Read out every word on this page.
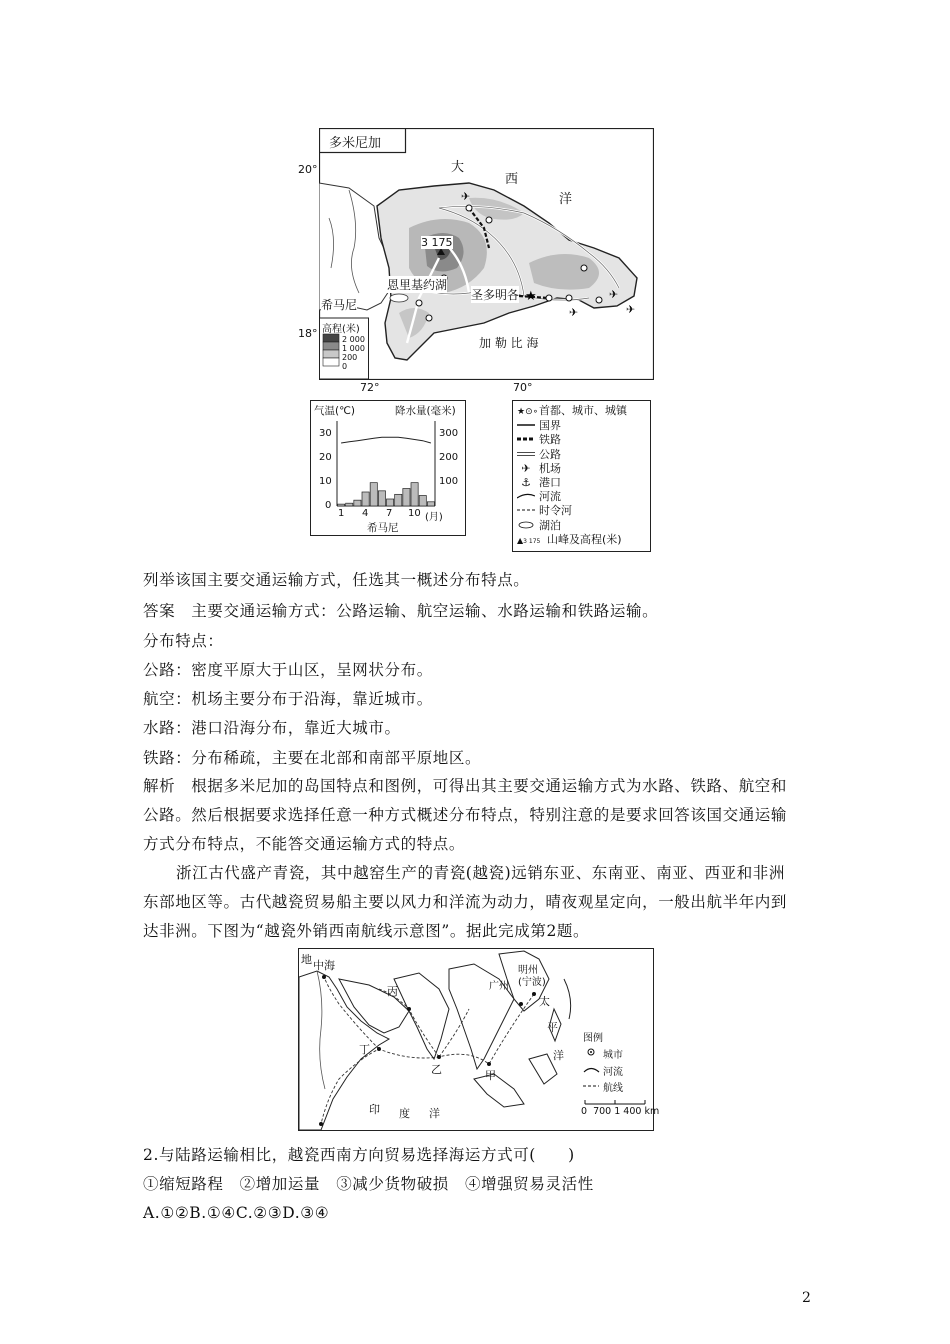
★
✈
✈
✈
✈
多米尼加
大
西
洋
3 175
恩里基约湖
圣多明各
希马尼
加 勒 比 海
高程(米)
2 000
1 000
200
0
20°
18°
72°	70°
气温(℃)	降水量(毫米)
30
20
10
0
300
200
100
1 4 7 10 (月)
希马尼
★⊙∘首都、城市、城镇
国界
铁路
公路
✈ 机场
⚓ 港口
河流
时令河
湖泊
▲3 175 山峰及高程(米)
列举该国主要交通运输方式，任选其一概述分布特点。
答案　主要交通运输方式：公路运输、航空运输、水路运输和铁路运输。
分布特点：
公路：密度平原大于山区，呈网状分布。
航空：机场主要分布于沿海，靠近城市。
水路：港口沿海分布，靠近大城市。
铁路：分布稀疏，主要在北部和南部平原地区。
解析　根据多米尼加的岛国特点和图例，可得出其主要交通运输方式为水路、铁路、航空和
公路。然后根据要求选择任意一种方式概述分布特点，特别注意的是要求回答该国交通运输
方式分布特点，不能答交通运输方式的特点。
浙江古代盛产青瓷，其中越窑生产的青瓷(越瓷)远销东亚、东南亚、南亚、西亚和非洲
东部地区等。古代越瓷贸易船主要以风力和洋流为动力，晴夜观星定向，一般出航半年内到
达非洲。下图为“越瓷外销西南航线示意图”。据此完成第2题。
地 中海
丙
丁
乙	甲
印 度 洋
广州
明州
(宁波)
太
平
洋
图例
城市
河流
航线
0  700 1 400 km
2.与陆路运输相比，越瓷西南方向贸易选择海运方式可(　　)
①缩短路程　②增加运量　③减少货物破损　④增强贸易灵活性
A.①②B.①④C.②③D.③④
2
